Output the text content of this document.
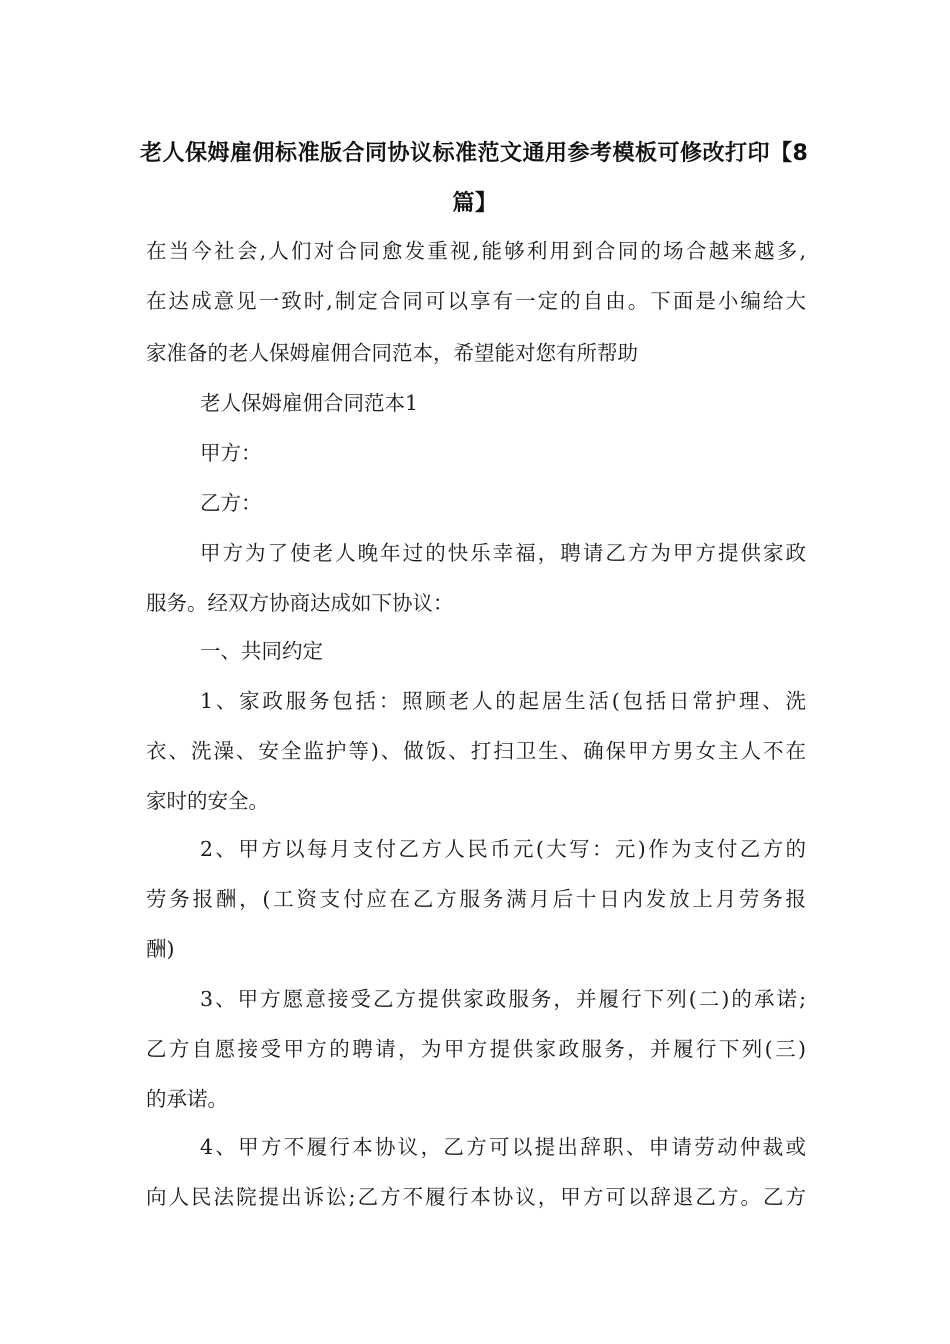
老人保姆雇佣标准版合同协议标准范文通用参考模板可修改打印【8
篇】
在当今社会,人们对合同愈发重视,能够利用到合同的场合越来越多,
在达成意见一致时,制定合同可以享有一定的自由。下面是小编给大
家准备的老人保姆雇佣合同范本，希望能对您有所帮助
老人保姆雇佣合同范本1
甲方：
乙方：
甲方为了使老人晚年过的快乐幸福，聘请乙方为甲方提供家政
服务。经双方协商达成如下协议：
一、共同约定
1、家政服务包括：照顾老人的起居生活(包括日常护理、洗
衣、洗澡、安全监护等)、做饭、打扫卫生、确保甲方男女主人不在
家时的安全。
2、甲方以每月支付乙方人民币元(大写：元)作为支付乙方的
劳务报酬，(工资支付应在乙方服务满月后十日内发放上月劳务报
酬)
3、甲方愿意接受乙方提供家政服务，并履行下列(二)的承诺;
乙方自愿接受甲方的聘请，为甲方提供家政服务，并履行下列(三)
的承诺。
4、甲方不履行本协议，乙方可以提出辞职、申请劳动仲裁或
向人民法院提出诉讼;乙方不履行本协议，甲方可以辞退乙方。乙方
